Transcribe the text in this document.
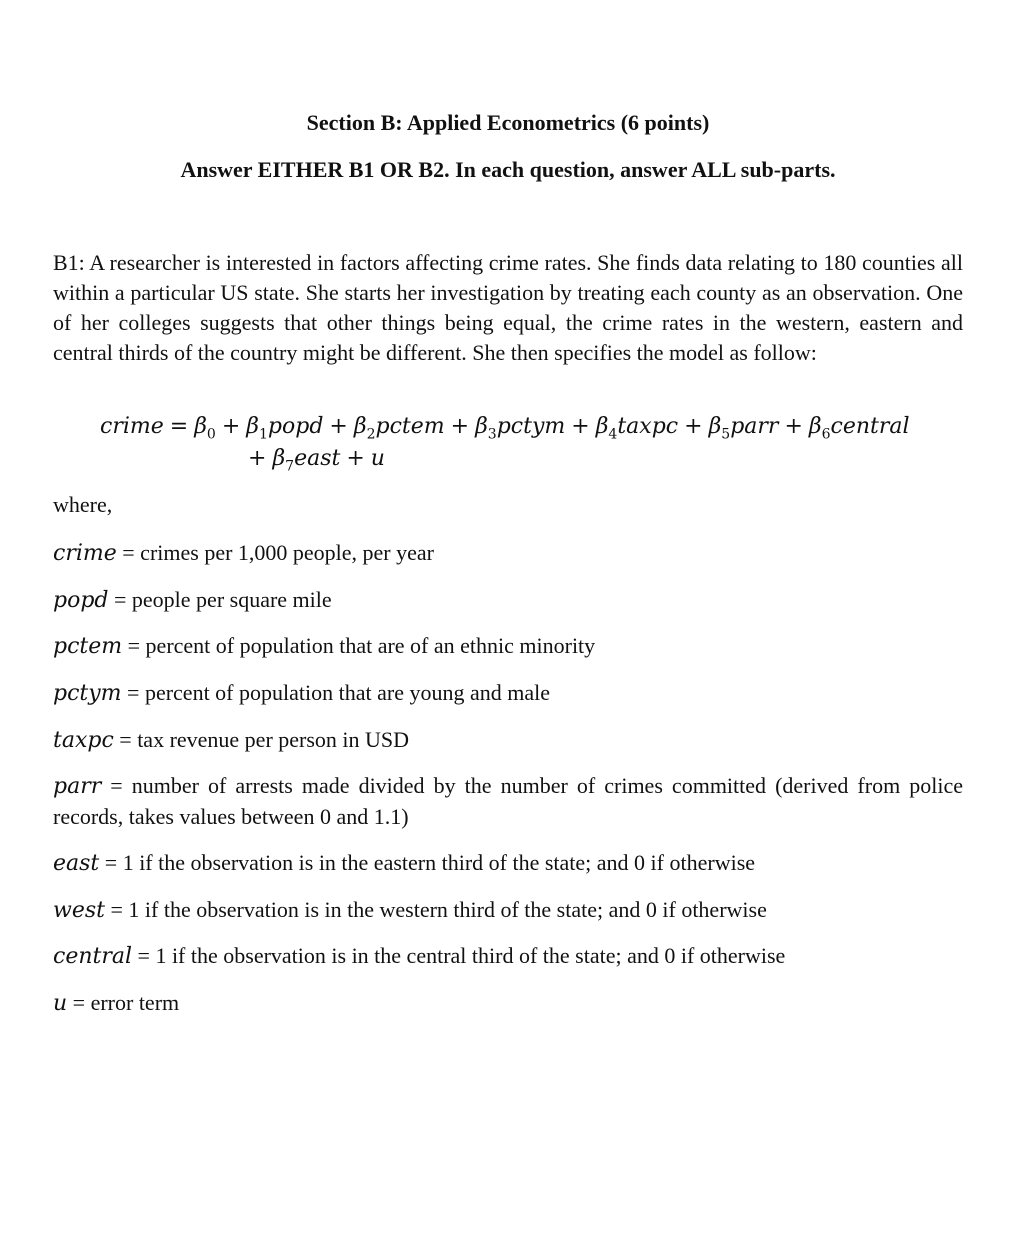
Section B: Applied Econometrics (6 points)
Answer EITHER B1 OR B2. In each question, answer ALL sub-parts.
B1: A researcher is interested in factors affecting crime rates. She finds data relating to 180 counties all within a particular US state. She starts her investigation by treating each county as an observation. One of her colleges suggests that other things being equal, the crime rates in the western, eastern and central thirds of the country might be different. She then specifies the model as follow:
crime = $\beta_0$ + $\beta_1popd$ + $\beta_2pctem$ + $\beta_3pctym$ + $\beta_4taxpc$ + $\beta_5parr$ + $\beta_6central$
+ $\beta_7east + u$
where,
crime = crimes per 1,000 people, per year
popd = people per square mile
pctem = percent of population that are of an ethnic minority
pctym = percent of population that are young and male
taxpc = tax revenue per person in USD
parr = number of arrests made divided by the number of crimes committed (derived from police records, takes values between 0 and 1.1)
east = 1 if the observation is in the eastern third of the state; and 0 if otherwise
west = 1 if the observation is in the western third of the state; and 0 if otherwise
central = 1 if the observation is in the central third of the state; and 0 if otherwise
u = error term
